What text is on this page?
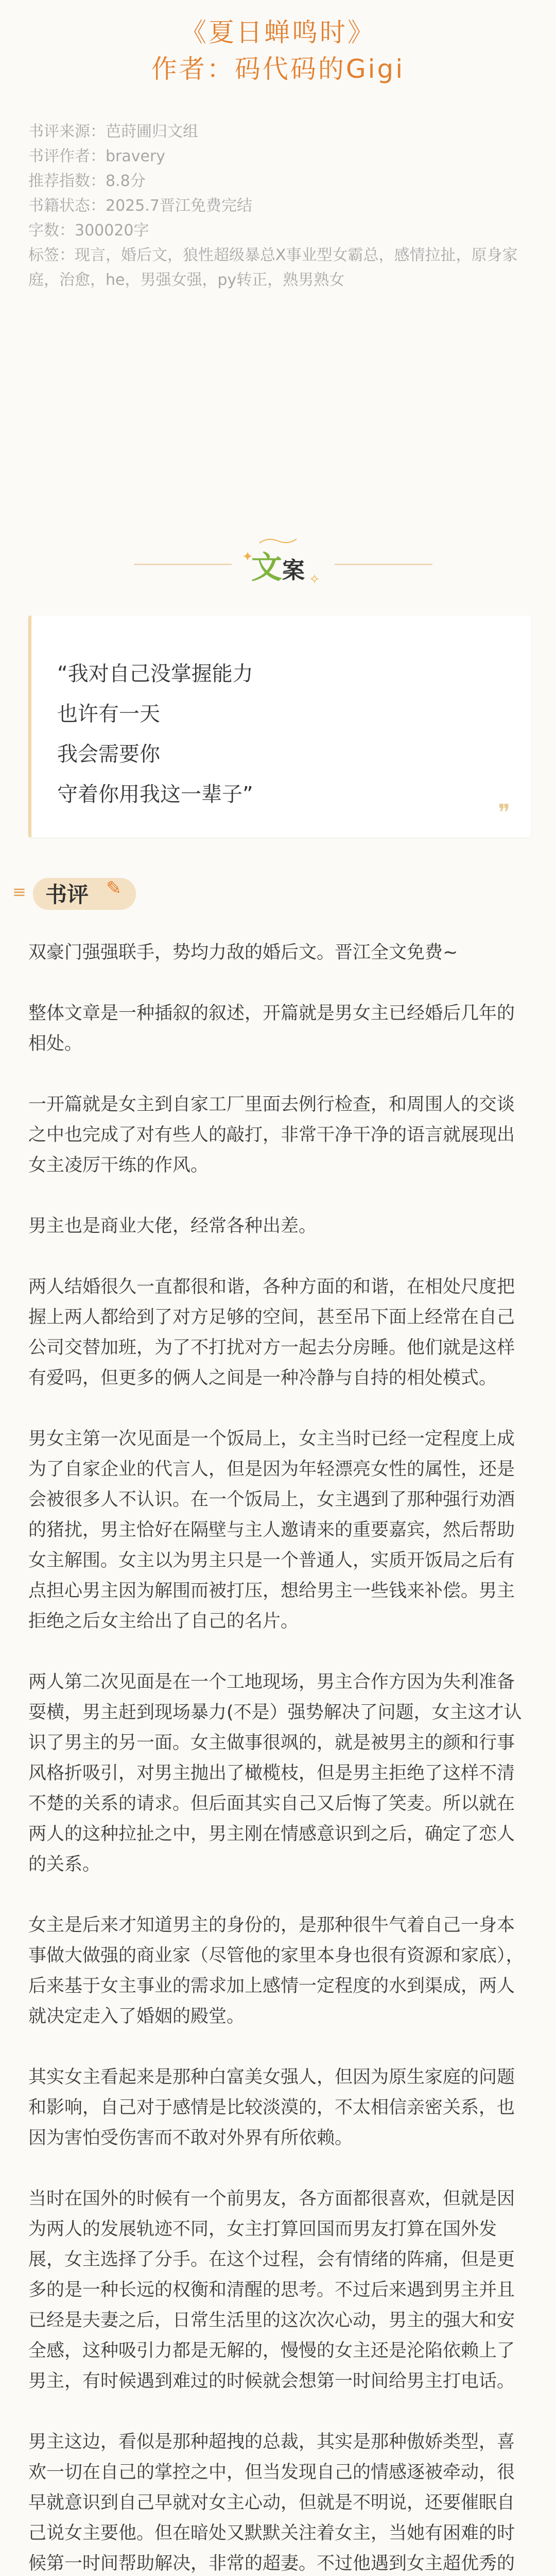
《夏日蝉鸣时》
作者：码代码的Gigi
书评来源：芭莳圃归文组
书评作者：bravery
推荐指数：8.8分
书籍状态：2025.7晋江免费完结
字数：300020字
标签：现言，婚后文，狼性超级暴总X事业型女霸总，感情拉扯，原身家庭，治愈，he，男强女强，py转正，熟男熟女
文案
✦
✧
“我对自己没掌握能力
也许有一天
我会需要你
守着你用我这一辈子”
❞
≡ 书评 ✎

双豪门强强联手，势均力敌的婚后文。晋江全文免费~

整体文章是一种插叙的叙述，开篇就是男女主已经婚后几年的相处。

一开篇就是女主到自家工厂里面去例行检查，和周围人的交谈之中也完成了对有些人的敲打，非常干净干净的语言就展现出女主凌厉干练的作风。

男主也是商业大佬，经常各种出差。

两人结婚很久一直都很和谐，各种方面的和谐，在相处尺度把握上两人都给到了对方足够的空间，甚至吊下面上经常在自己公司交替加班，为了不打扰对方一起去分房睡。他们就是这样有爱吗，但更多的俩人之间是一种冷静与自持的相处模式。

男女主第一次见面是一个饭局上，女主当时已经一定程度上成为了自家企业的代言人，但是因为年轻漂亮女性的属性，还是会被很多人不认识。在一个饭局上，女主遇到了那种强行劝酒的猪扰，男主恰好在隔壁与主人邀请来的重要嘉宾，然后帮助女主解围。女主以为男主只是一个普通人，实质开饭局之后有点担心男主因为解围而被打压，想给男主一些钱来补偿。男主拒绝之后女主给出了自己的名片。

两人第二次见面是在一个工地现场，男主合作方因为失利准备耍横，男主赶到现场暴力(不是）强势解决了问题，女主这才认识了男主的另一面。女主做事很飒的，就是被男主的颜和行事风格折吸引，对男主抛出了橄榄枝，但是男主拒绝了这样不清不楚的关系的请求。但后面其实自己又后悔了笑麦。所以就在两人的这种拉扯之中，男主刚在情感意识到之后，确定了恋人的关系。

女主是后来才知道男主的身份的，是那种很牛气着自己一身本事做大做强的商业家（尽管他的家里本身也很有资源和家底），后来基于女主事业的需求加上感情一定程度的水到渠成，两人就决定走入了婚姻的殿堂。

其实女主看起来是那种白富美女强人，但因为原生家庭的问题和影响，自己对于感情是比较淡漠的，不太相信亲密关系，也因为害怕受伤害而不敢对外界有所依赖。

当时在国外的时候有一个前男友，各方面都很喜欢，但就是因为两人的发展轨迹不同，女主打算回国而男友打算在国外发展，女主选择了分手。在这个过程，会有情绪的阵痛，但是更多的是一种长远的权衡和清醒的思考。不过后来遇到男主并且已经是夫妻之后，日常生活里的这次次心动，男主的强大和安全感，这种吸引力都是无解的，慢慢的女主还是沦陷依赖上了男主，有时候遇到难过的时候就会想第一时间给男主打电话。

男主这边，看似是那种超拽的总裁，其实是那种傲娇类型，喜欢一切在自己的掌控之中，但当发现自己的情感逐被牵动，很早就意识到自己早就对女主心动，但就是不明说，还要催眠自己说女主要他。但在暗处又默默关注着女主，当她有困难的时候第一时间帮助解决，非常的超妻。不过他遇到女主超优秀的
